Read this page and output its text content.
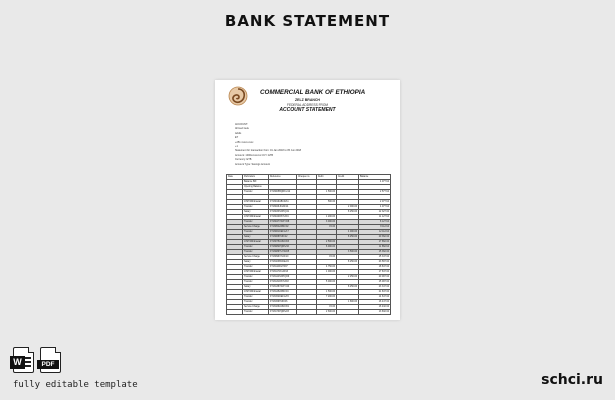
BANK STATEMENT
COMMERCIAL BANK OF ETHIOPIA
ZELZ BRANCH
FEDERAL ADDRESS FROM
ACCOUNT STATEMENT
ACCOUNT:
Ahmed Getu
Addis
ET
+251 xxxxx-xxxx
+1
Statement for transaction from: 01 Jan 2018 to 05 Jun 2018
Account: 1000xxxxxxxx CCY: ETB
Currency: ETB
Account Type: Savings Account
Date	Particulars	Reference	Cheque no.	Debit	Credit	Balance
	Balance B/F					4 077.64
	Opening Balance					
	Transfer	FT18005BQRKL/12		1 500.00		2 577.64

	ATM Withdrawal	FT18019ABCD/11		500.00		2 077.64
	Transfer	FT18026JKLM/14			2 000.00	4 077.64
	Salary	FT18033NOPQ/21			8 250.00	12 327.64
	ATM Withdrawal	FT18040RSTU/19		1 200.00		11 127.64
	Transfer	FT18047VWXY/08		3 000.00		8 127.64
	Service Charge	FT18054ZABC/02		15.00		8 112.64
	Transfer	FT18061DEFG/17			4 000.00	12 112.64
	Salary	FT18068HIJK/22			8 250.00	20 362.64
	ATM Withdrawal	FT18075LMNO/03		2 500.00		17 862.64
	Transfer	FT18082PQRS/16		6 000.00		11 862.64
	Transfer	FT18089TUVW/05			3 500.00	15 362.64
	Service Charge	FT18096XYZA/10		15.00		15 347.64
	Salary	FT18103BCDE/24			8 250.00	23 597.64
	Transfer	FT18110FGHI/07		4 750.00		18 847.64
	ATM Withdrawal	FT18117JKLM/13		1 000.00		17 847.64
	Transfer	FT18124NOPQ/09			2 250.00	20 097.64
	Transfer	FT18131RSTU/18		5 000.00		15 097.64
	Salary	FT18138VWXY/20			8 250.00	23 347.64
	ATM Withdrawal	FT18145ZABC/04		1 500.00		21 847.64
	Transfer	FT18152DEFG/15		7 200.00		14 647.64
	Transfer	FT18159HIJK/06			1 800.00	16 447.64
	Service Charge	FT18166LMNO/01		15.00		16 432.64
	Transfer	FT18173PQRS/23		2 600.00		13 832.64
W	PDF
fully editable template	schci.ru
